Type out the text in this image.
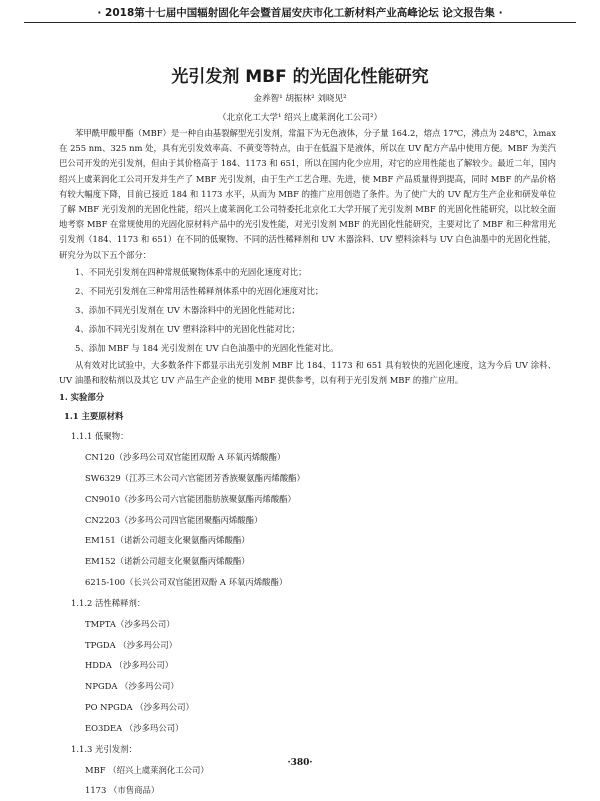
· 2018第十七届中国辐射固化年会暨首届安庆市化工新材料产业高峰论坛 论文报告集 ·
光引发剂 MBF 的光固化性能研究
金养智¹ 胡振林² 刘晓见²
（北京化工大学¹ 绍兴上虞莱润化工公司²）

苯甲酰甲酸甲酯（MBF）是一种自由基裂解型光引发剂，常温下为无色液体，分子量 164.2，熔点 17℃，沸点为 248℃，λmax 在 255 nm、325 nm 处，具有光引发效率高、不黄变等特点，由于在低温下是液体，所以在 UV 配方产品中使用方便。MBF 为美汽巴公司开发的光引发剂，但由于其价格高于 184、1173 和 651，所以在国内化少应用，对它的应用性能也了解较少。最近二年，国内绍兴上虞莱润化工公司开发并生产了 MBF 光引发剂，由于生产工艺合理、先进，使 MBF 产品质量得到提高，同时 MBF 的产品价格有较大幅度下降，目前已接近 184 和 1173 水平，从而为 MBF 的推广应用创造了条件。为了使广大的 UV 配方生产企业和研发单位了解 MBF 光引发剂的光固化性能，绍兴上虞莱润化工公司特委托北京化工大学开展了光引发剂 MBF 的光固化性能研究，以比较全面地考察 MBF 在常规使用的光固化原材料产品中的光引发性能，对光引发剂 MBF 的光固化性能研究，主要对比了 MBF 和三种常用光引发剂（184、1173 和 651）在不同的低聚物、不同的活性稀释剂和 UV 木器涂料、UV 塑料涂料与 UV 白色油墨中的光固化性能，研究分为以下五个部分：

1、不同光引发剂在四种常规低聚物体系中的光固化速度对比；

2、不同光引发剂在三种常用活性稀释剂体系中的光固化速度对比；

3、添加不同光引发剂在 UV 木器涂料中的光固化性能对比；

4、添加不同光引发剂在 UV 塑料涂料中的光固化性能对比；

5、添加 MBF 与 184 光引发剂在 UV 白色油墨中的光固化性能对比。

从有效对比试验中，大多数条件下都显示出光引发剂 MBF 比 184、1173 和 651 具有较快的光固化速度，这为今后 UV 涂料、UV 油墨和胶粘剂以及其它 UV 产品生产企业的使用 MBF 提供参考，以有利于光引发剂 MBF 的推广应用。

1. 实验部分

1.1 主要原材料

1.1.1 低聚物：

CN120（沙多玛公司双官能团双酚 A 环氧丙烯酸酯）

SW6329（江苏三木公司六官能团芳香族聚氨酯丙烯酸酯）

CN9010（沙多玛公司六官能团脂肪族聚氨酯丙烯酸酯）

CN2203（沙多玛公司四官能团聚酯丙烯酸酯）

EM151（诺新公司超支化聚氨酯丙烯酸酯）

EM152（诺新公司超支化聚氨酯丙烯酸酯）

6215-100（长兴公司双官能团双酚 A 环氧丙烯酸酯）

1.1.2 活性稀释剂：

TMPTA（沙多玛公司）

TPGDA （沙多玛公司）

HDDA （沙多玛公司）

NPGDA （沙多玛公司）

PO NPGDA （沙多玛公司）

EO3DEA （沙多玛公司）

1.1.3 光引发剂：

MBF （绍兴上虞莱润化工公司）

1173 （市售商品）

·380·
